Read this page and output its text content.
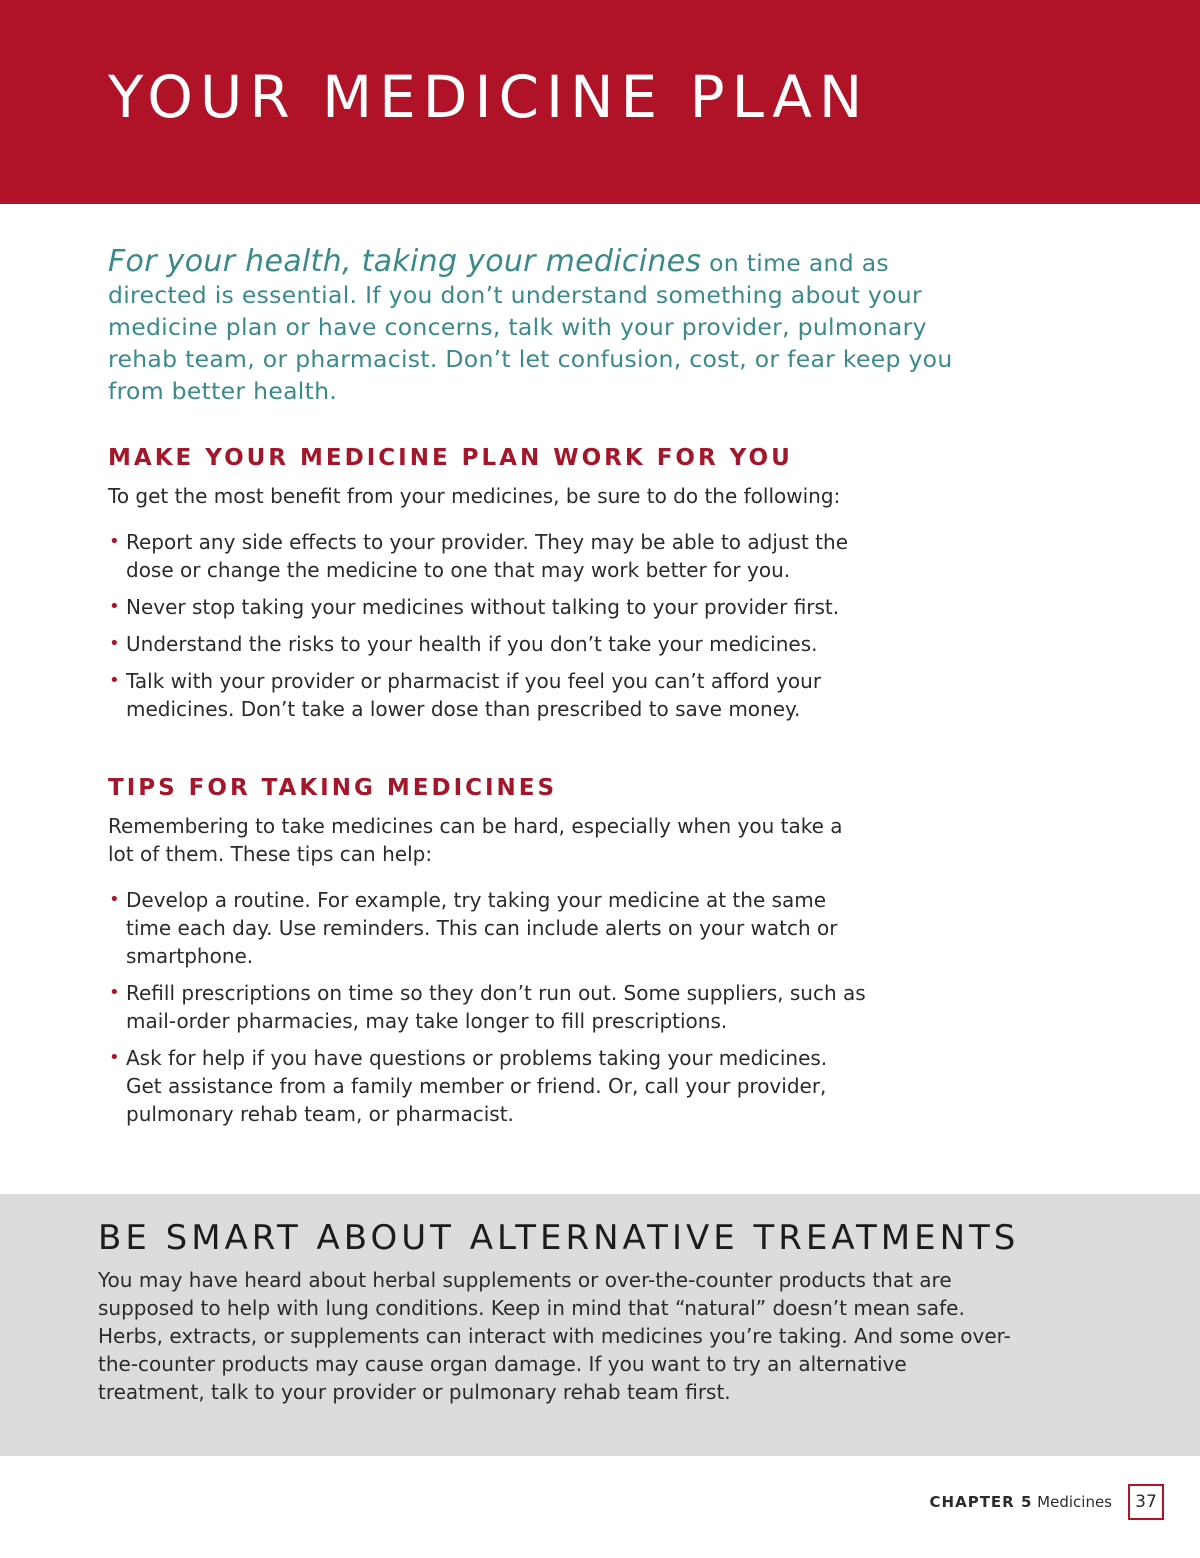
YOUR MEDICINE PLAN

For your health, taking your medicines on time and as directed is essential. If you don’t understand something about your medicine plan or have concerns, talk with your provider, pulmonary rehab team, or pharmacist. Don’t let confusion, cost, or fear keep you from better health.

MAKE YOUR MEDICINE PLAN WORK FOR YOU

To get the most benefit from your medicines, be sure to do the following:

• Report any side effects to your provider. They may be able to adjust the dose or change the medicine to one that may work better for you.
• Never stop taking your medicines without talking to your provider first.
• Understand the risks to your health if you don’t take your medicines.
• Talk with your provider or pharmacist if you feel you can’t afford your medicines. Don’t take a lower dose than prescribed to save money.
TIPS FOR TAKING MEDICINES

Remembering to take medicines can be hard, especially when you take a lot of them. These tips can help:

• Develop a routine. For example, try taking your medicine at the same time each day. Use reminders. This can include alerts on your watch or smartphone.
• Refill prescriptions on time so they don’t run out. Some suppliers, such as mail-order pharmacies, may take longer to fill prescriptions.
• Ask for help if you have questions or problems taking your medicines. Get assistance from a family member or friend. Or, call your provider, pulmonary rehab team, or pharmacist.
BE SMART ABOUT ALTERNATIVE TREATMENTS

You may have heard about herbal supplements or over-the-counter products that are supposed to help with lung conditions. Keep in mind that “natural” doesn’t mean safe. Herbs, extracts, or supplements can interact with medicines you’re taking. And some over-the-counter products may cause organ damage. If you want to try an alternative treatment, talk to your provider or pulmonary rehab team first.

CHAPTER 5 Medicines	37
